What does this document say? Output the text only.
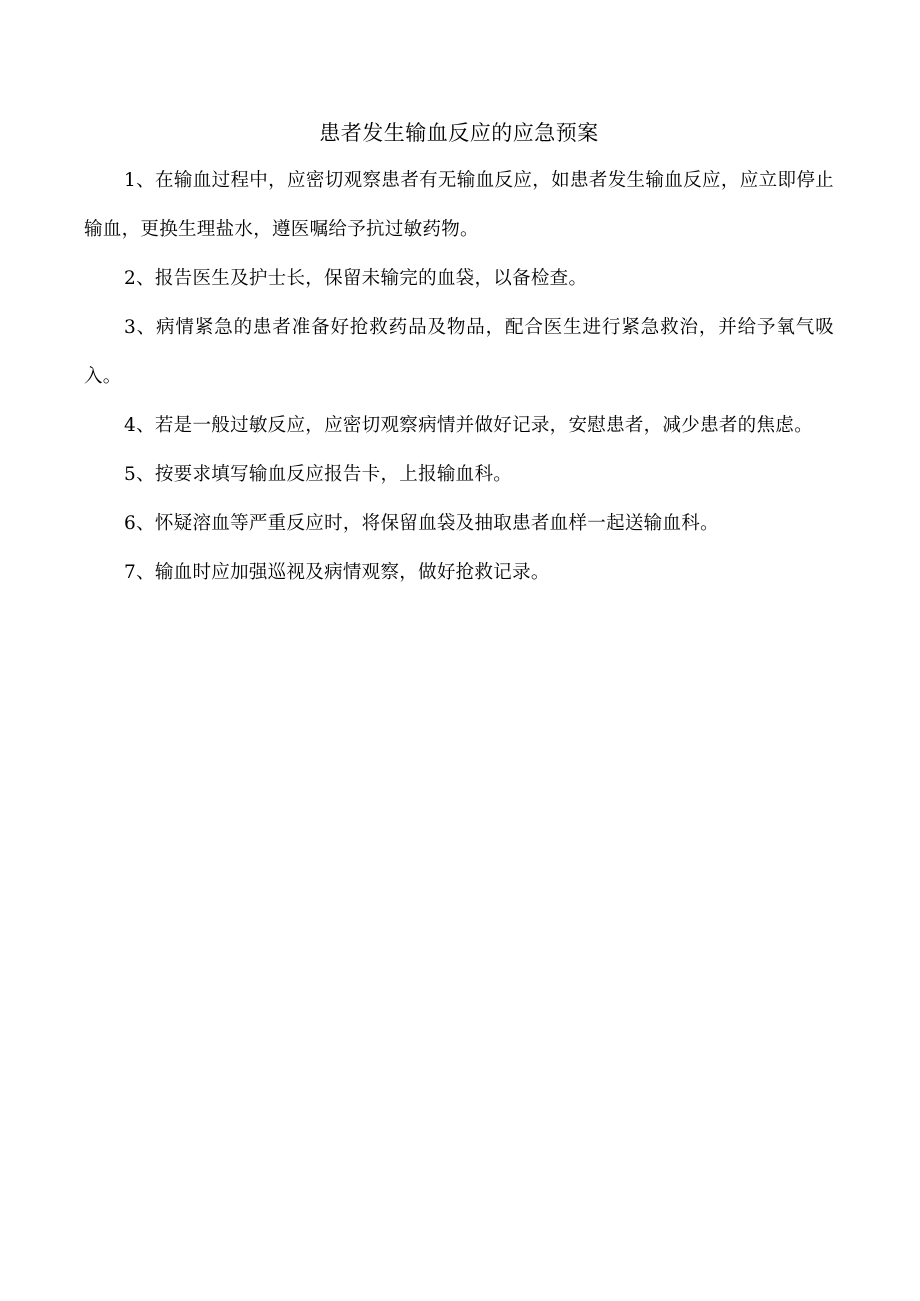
患者发生输血反应的应急预案

1、在输血过程中，应密切观察患者有无输血反应，如患者发生输血反应，应立即停止输血，更换生理盐水，遵医嘱给予抗过敏药物。

2、报告医生及护士长，保留未输完的血袋，以备检查。

3、病情紧急的患者准备好抢救药品及物品，配合医生进行紧急救治，并给予氧气吸入。

4、若是一般过敏反应，应密切观察病情并做好记录，安慰患者，减少患者的焦虑。

5、按要求填写输血反应报告卡，上报输血科。

6、怀疑溶血等严重反应时，将保留血袋及抽取患者血样一起送输血科。

7、输血时应加强巡视及病情观察，做好抢救记录。
